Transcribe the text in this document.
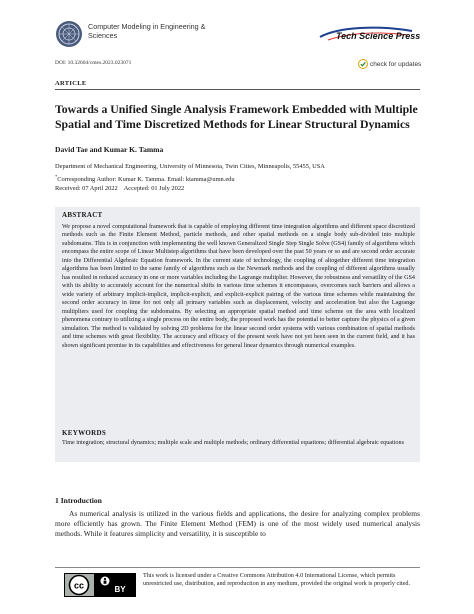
Computer Modeling in Engineering & Sciences	Tech Science Press
DOI: 10.32604/cmes.2023.023071	check for updates
ARTICLE
Towards a Unified Single Analysis Framework Embedded with Multiple Spatial and Time Discretized Methods for Linear Structural Dynamics
David Tae and Kumar K. Tamma
Department of Mechanical Engineering, University of Minnesota, Twin Cities, Minneapolis, 55455, USA
*Corresponding Author: Kumar K. Tamma. Email: ktamma@umn.edu
Received: 07 April 2022    Accepted: 01 July 2022
ABSTRACT
We propose a novel computational framework that is capable of employing different time integration algorithms and different space discretized methods such as the Finite Element Method, particle methods, and other spatial methods on a single body sub-divided into multiple subdomains. This is in conjunction with implementing the well known Generalized Single Step Single Solve (GS4) family of algorithms which encompass the entire scope of Linear Multistep algorithms that have been developed over the past 50 years or so and are second order accurate into the Differential Algebraic Equation framework. In the current state of technology, the coupling of altogether different time integration algorithms has been limited to the same family of algorithms such as the Newmark methods and the coupling of different algorithms usually has resulted in reduced accuracy in one or more variables including the Lagrange multiplier. However, the robustness and versatility of the GS4 with its ability to accurately account for the numerical shifts in various time schemes it encompasses, overcomes such barriers and allows a wide variety of arbitrary implicit-implicit, implicit-explicit, and explicit-explicit pairing of the various time schemes while maintaining the second order accuracy in time for not only all primary variables such as displacement, velocity and acceleration but also the Lagrange multipliers used for coupling the subdomains. By selecting an appropriate spatial method and time scheme on the area with localized phenomena contrary to utilizing a single process on the entire body, the proposed work has the potential to better capture the physics of a given simulation. The method is validated by solving 2D problems for the linear second order systems with various combination of spatial methods and time schemes with great flexibility. The accuracy and efficacy of the present work have not yet been seen in the current field, and it has shown significant promise in its capabilities and effectiveness for general linear dynamics through numerical examples.
KEYWORDS
Time integration; structural dynamics; multiple scale and multiple methods; ordinary differential equations; differential algebraic equations
1 Introduction
As numerical analysis is utilized in the various fields and applications, the desire for analyzing complex problems more efficiently has grown. The Finite Element Method (FEM) is one of the most widely used numerical analysis methods. While it features simplicity and versatility, it is susceptible to
cc	BY
This work is licensed under a Creative Commons Attribution 4.0 International License, which permits unrestricted use, distribution, and reproduction in any medium, provided the original work is properly cited.
